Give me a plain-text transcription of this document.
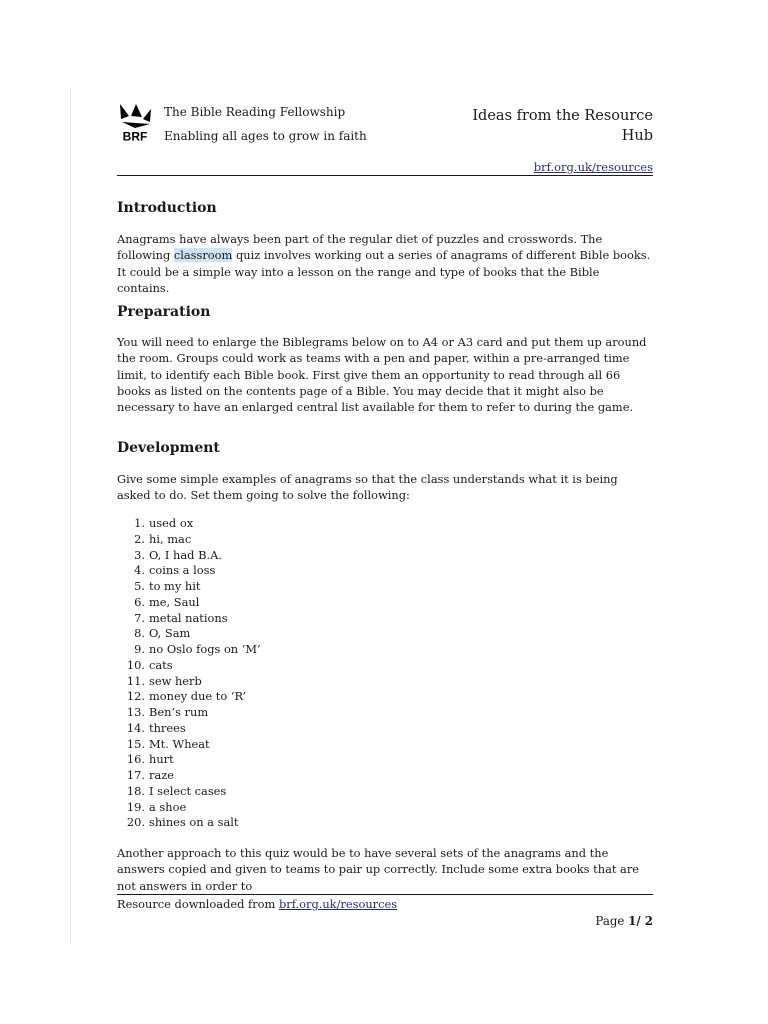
BRF
The Bible Reading Fellowship
Enabling all ages to grow in faith
Ideas from the Resource Hub
brf.org.uk/resources
Introduction

Anagrams have always been part of the regular diet of puzzles and crosswords. The following classroom quiz involves working out a series of anagrams of different Bible books. It could be a simple way into a lesson on the range and type of books that the Bible contains.

Preparation

You will need to enlarge the Biblegrams below on to A4 or A3 card and put them up around the room. Groups could work as teams with a pen and paper, within a pre-arranged time limit, to identify each Bible book. First give them an opportunity to read through all 66 books as listed on the contents page of a Bible. You may decide that it might also be necessary to have an enlarged central list available for them to refer to during the game.

Development

Give some simple examples of anagrams so that the class understands what it is being asked to do. Set them going to solve the following:

1. used ox
2. hi, mac
3. O, I had B.A.
4. coins a loss
5. to my hit
6. me, Saul
7. metal nations
8. O, Sam
9. no Oslo fogs on ‘M’
10. cats
11. sew herb
12. money due to ‘R’
13. Ben’s rum
14. threes
15. Mt. Wheat
16. hurt
17. raze
18. I select cases
19. a shoe
20. shines on a salt

Another approach to this quiz would be to have several sets of the anagrams and the answers copied and given to teams to pair up correctly. Include some extra books that are not answers in order to

Resource downloaded from brf.org.uk/resources
Page 1/ 2
